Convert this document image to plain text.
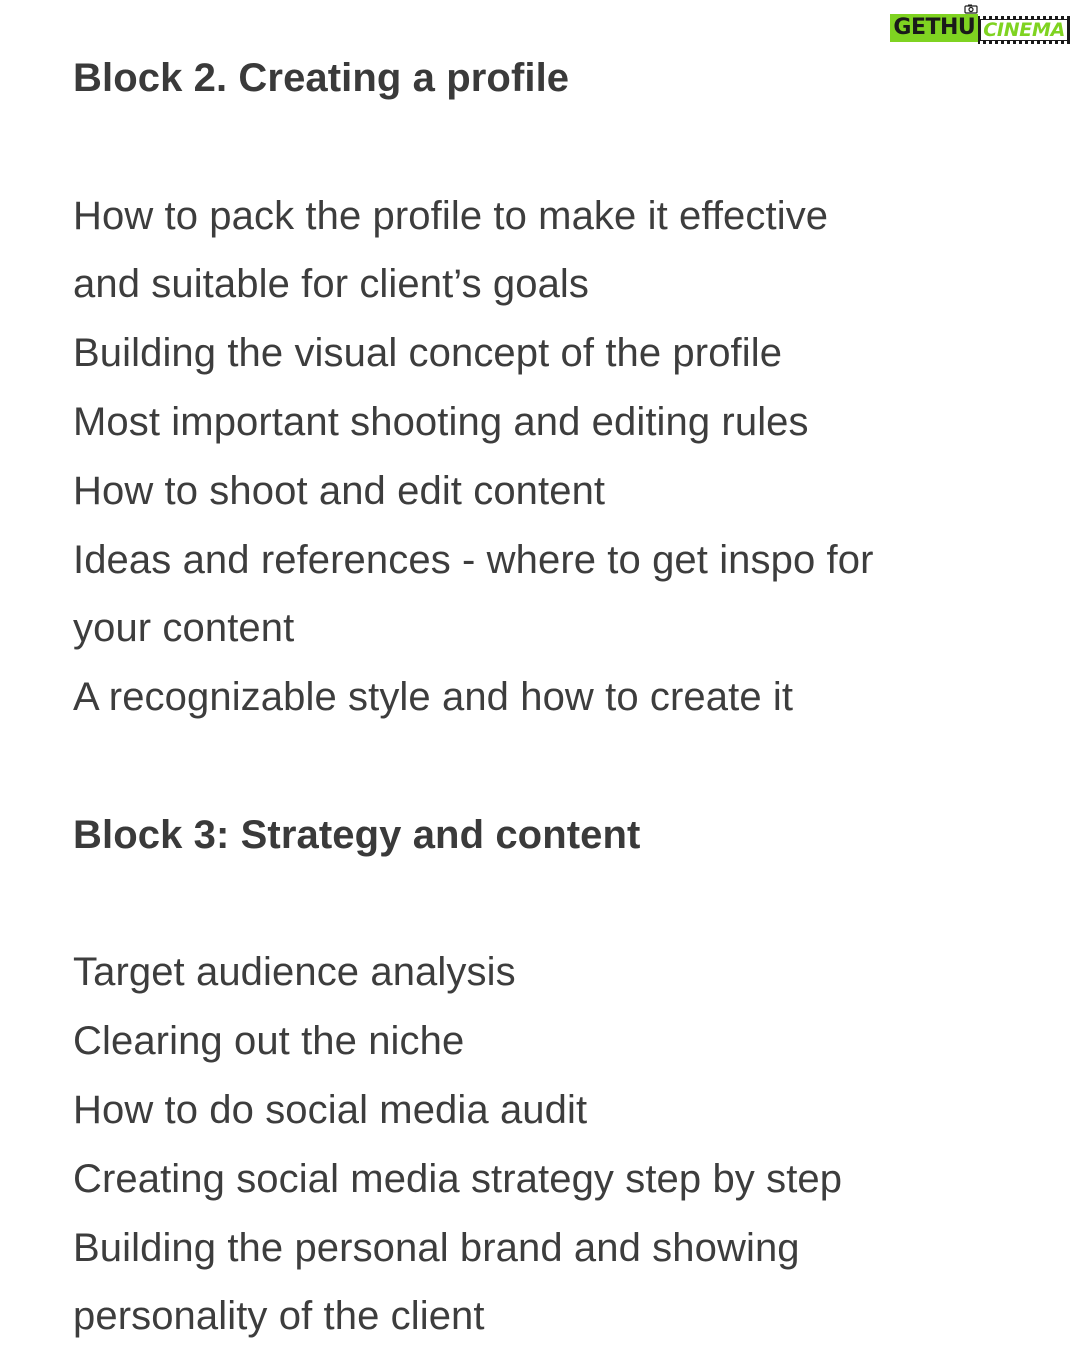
GETHU CINEMA
Block 2. Creating a profile
How to pack the profile to make it effective
and suitable for client’s goals
Building the visual concept of the profile
Most important shooting and editing rules
How to shoot and edit content
Ideas and references - where to get inspo for
your content
A recognizable style and how to create it
Block 3: Strategy and content
Target audience analysis
Clearing out the niche
How to do social media audit
Creating social media strategy step by step
Building the personal brand and showing
personality of the client
